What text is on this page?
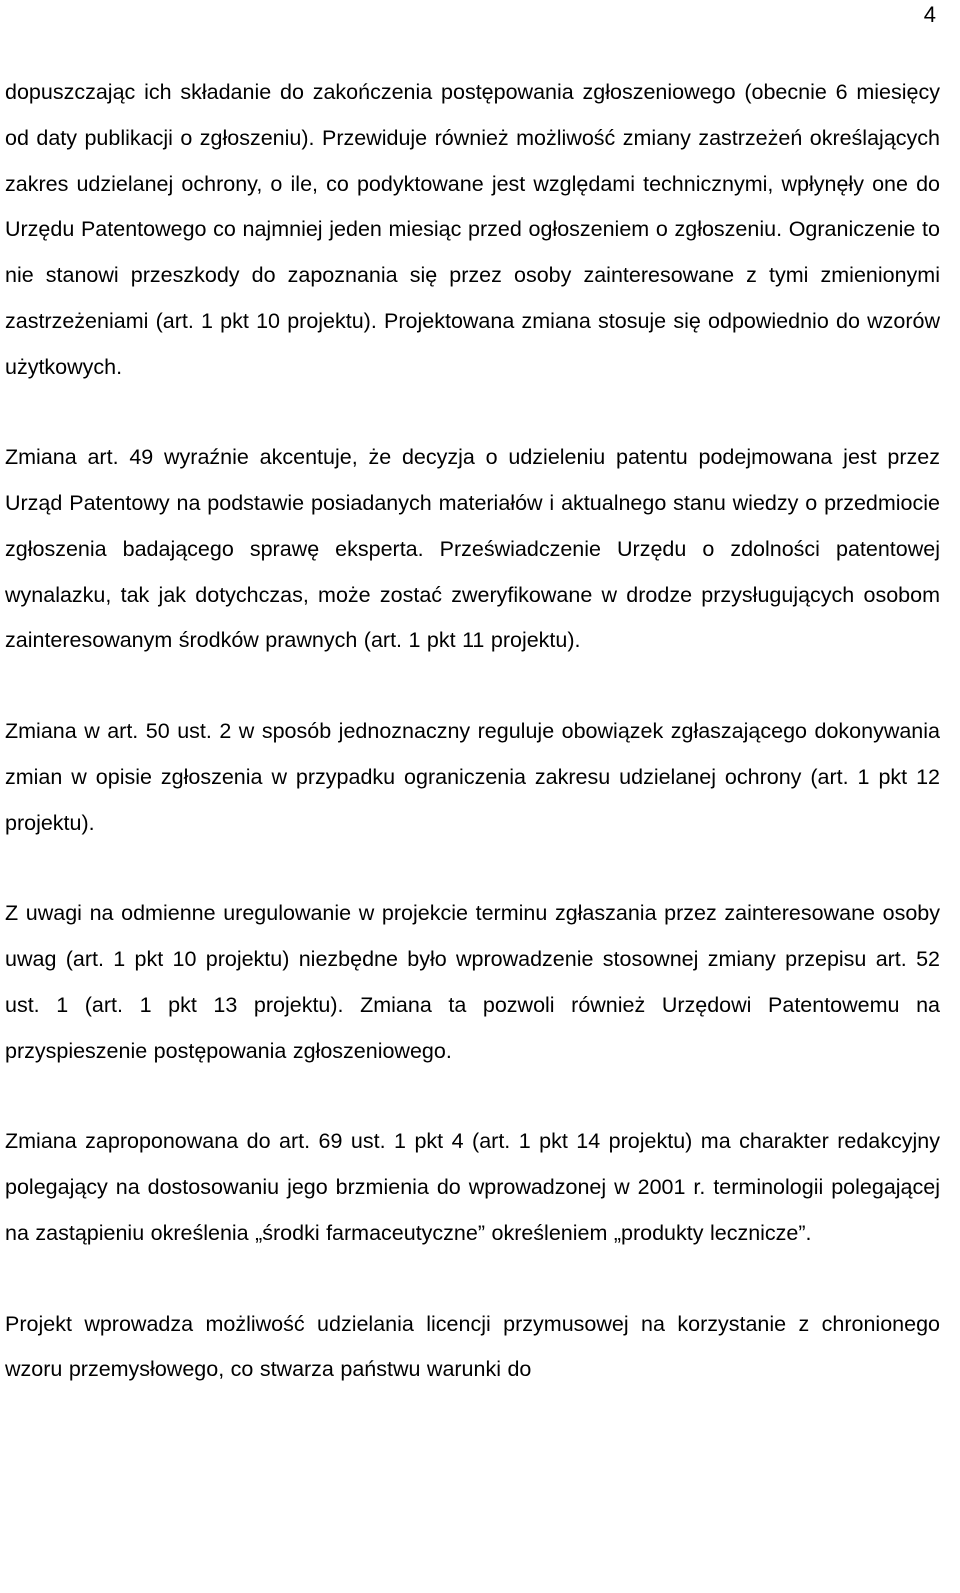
4

dopuszczając ich składanie do zakończenia postępowania zgłoszeniowego (obecnie 6 miesięcy od daty publikacji o zgłoszeniu). Przewiduje również możliwość zmiany zastrzeżeń określających zakres udzielanej ochrony, o ile, co podyktowane jest względami technicznymi, wpłynęły one do Urzędu Patentowego co najmniej jeden miesiąc przed ogłoszeniem o zgłoszeniu. Ograniczenie to nie stanowi przeszkody do zapoznania się przez osoby zainteresowane z tymi zmienionymi zastrzeżeniami (art. 1 pkt 10 projektu). Projektowana zmiana stosuje się odpowiednio do wzorów użytkowych.

Zmiana art. 49 wyraźnie akcentuje, że decyzja o udzieleniu patentu podejmowana jest przez Urząd Patentowy na podstawie posiadanych materiałów i aktualnego stanu wiedzy o przedmiocie zgłoszenia badającego sprawę eksperta. Przeświadczenie Urzędu o zdolności patentowej wynalazku, tak jak dotychczas, może zostać zweryfikowane w drodze przysługujących osobom zainteresowanym środków prawnych (art. 1 pkt 11 projektu).

Zmiana w art. 50 ust. 2 w sposób jednoznaczny reguluje obowiązek zgłaszającego dokonywania zmian w opisie zgłoszenia w przypadku ograniczenia zakresu udzielanej ochrony (art. 1 pkt 12 projektu).

Z uwagi na odmienne uregulowanie w projekcie terminu zgłaszania przez zainteresowane osoby uwag (art. 1 pkt 10 projektu) niezbędne było wprowadzenie stosownej zmiany przepisu art. 52 ust. 1 (art. 1 pkt 13 projektu). Zmiana ta pozwoli również Urzędowi Patentowemu na przyspieszenie postępowania zgłoszeniowego.

Zmiana zaproponowana do art. 69 ust. 1 pkt 4 (art. 1 pkt 14 projektu) ma charakter redakcyjny polegający na dostosowaniu jego brzmienia do wprowadzonej w 2001 r. terminologii polegającej na zastąpieniu określenia „środki farmaceutyczne” określeniem „produkty lecznicze”.

Projekt wprowadza możliwość udzielania licencji przymusowej na korzystanie z chronionego wzoru przemysłowego, co stwarza państwu warunki do
